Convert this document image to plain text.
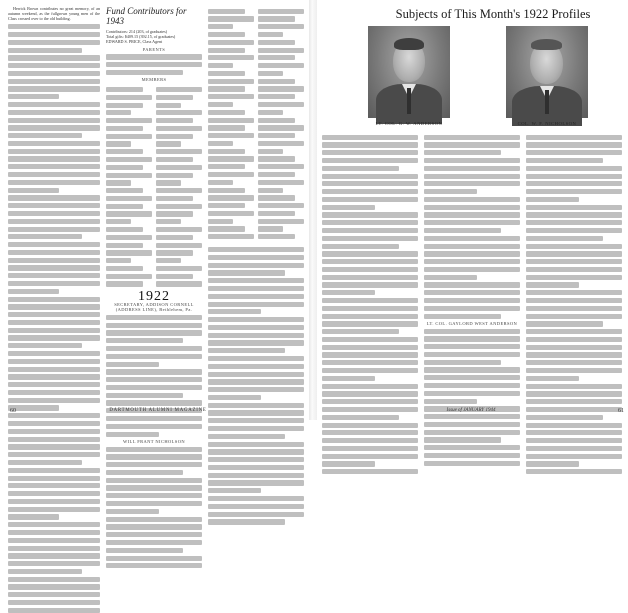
Herrick Brown contributes no great memory, of an autumn weekend, as the fullgrown young men of the Class crossed over to the old building.

Fund Contributors for 1943
Contributors: 214 (203, of graduates)
Total gifts: $409.15 (392.15, of graduates)
EDWARD S. PRICE, Class Agent
PARENTS
MEMBERS
1922
SECRETARY, ADDISON CORNELL (ADDRESS LINE), Bethlehem, Pa.
WILL FRANT NICHOLSON
60	DARTMOUTH ALUMNI MAGAZINE
Subjects of This Month's 1922 Profiles
LT. COL. G. W. ANDERSON	COL. W. F. NICHOLSON
LT. COL. GAYLORD WEST ANDERSON
Issue of JANUARY 1944	61
